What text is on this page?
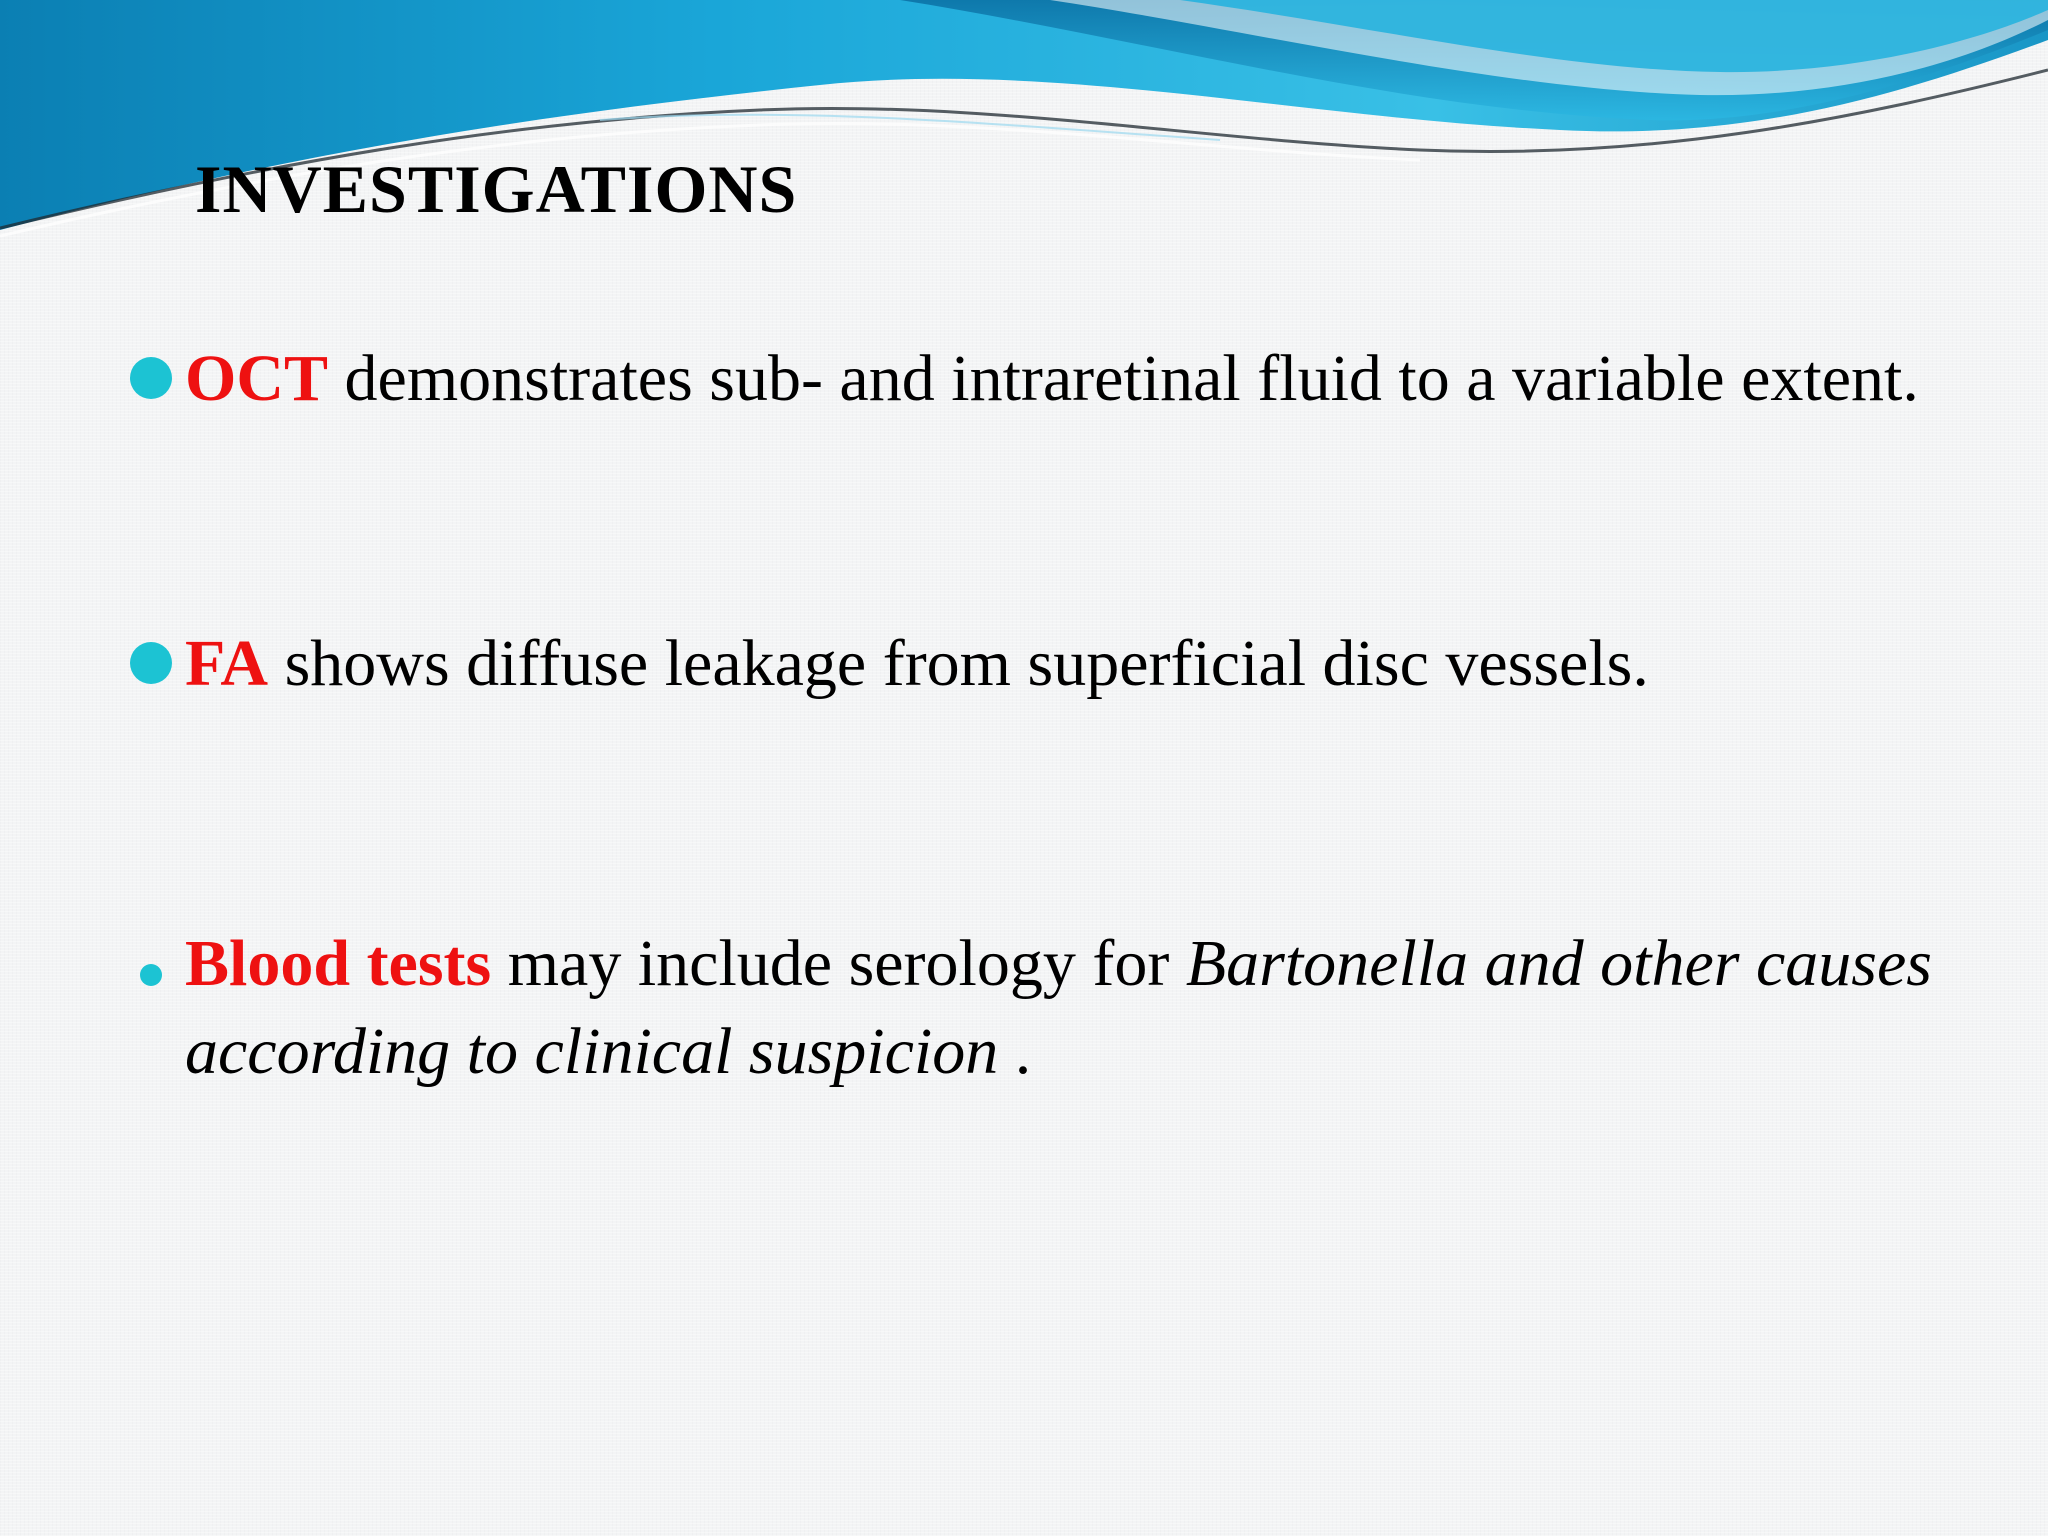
INVESTIGATIONS

OCT demonstrates sub- and intraretinal fluid to a variable extent.

FA shows diffuse leakage from superficial disc vessels.

Blood tests may include serology for Bartonella and other causes according to clinical suspicion .
